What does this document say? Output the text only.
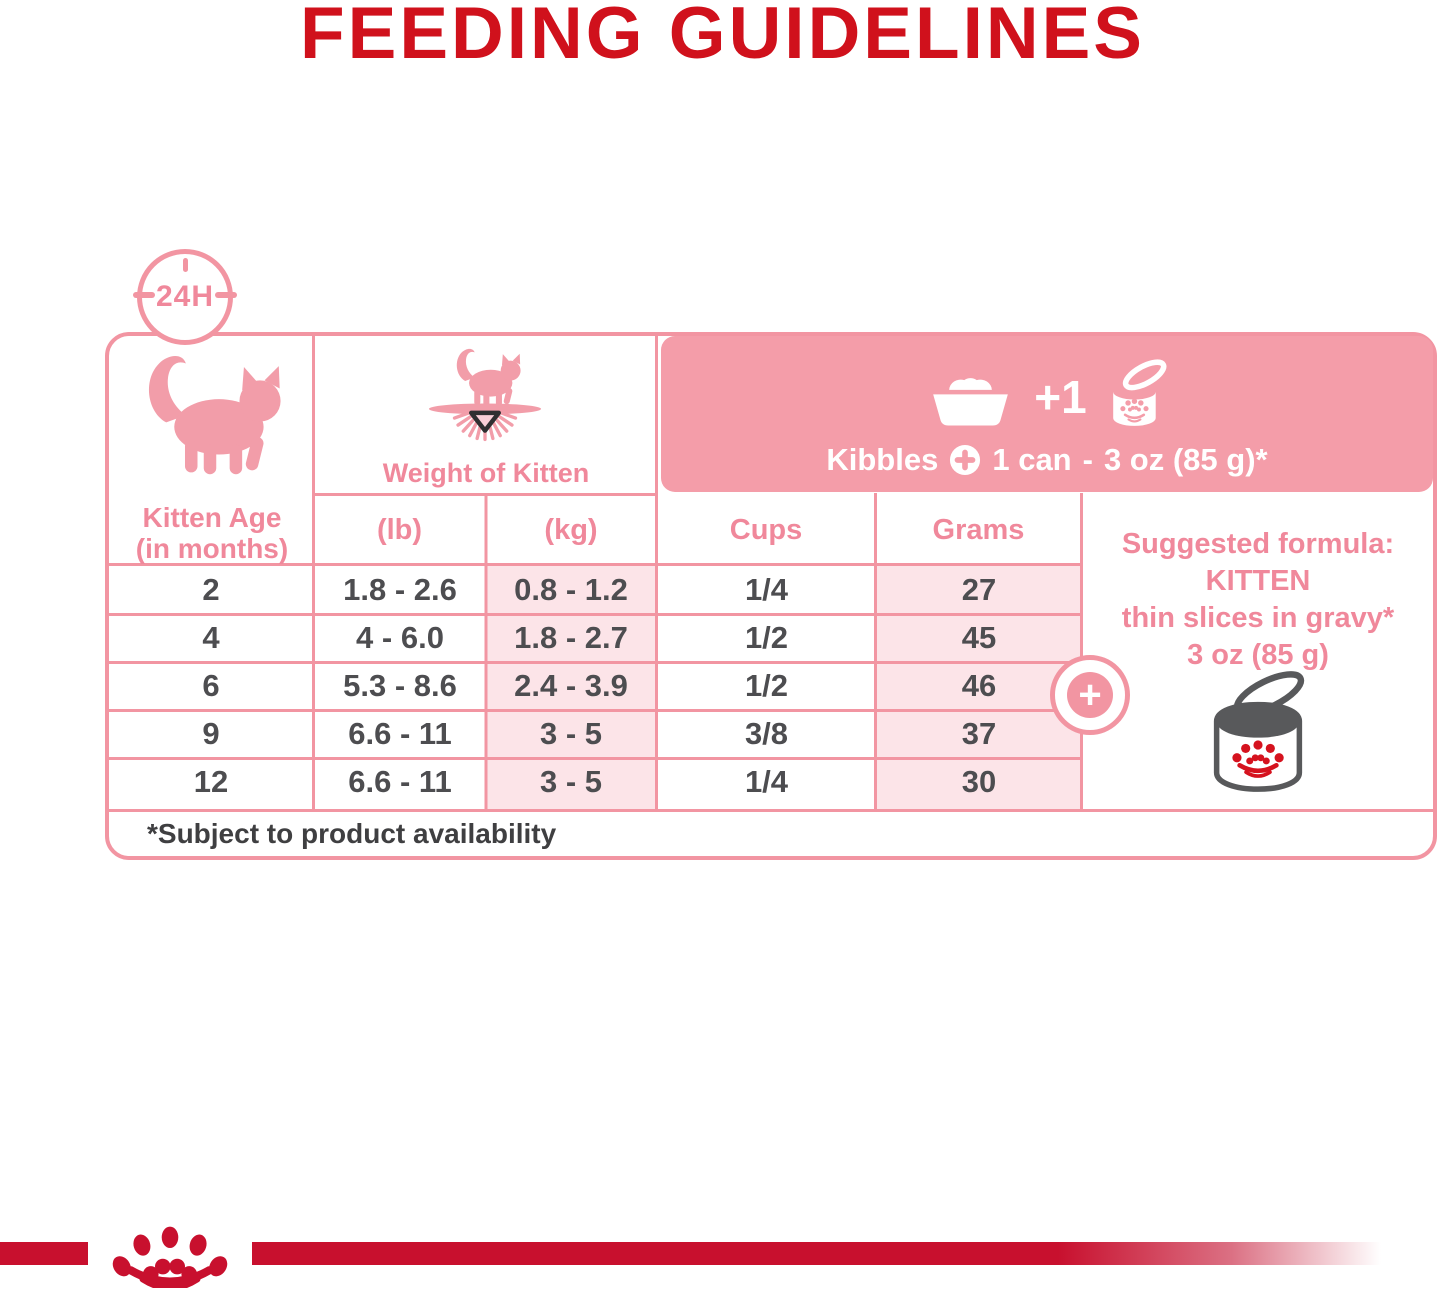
FEEDING GUIDELINES
24H
+1
Kibbles 1 can - 3 oz (85 g)*
Kitten Age
(in months)
Weight of Kitten
(lb)	(kg)	Cups	Grams
2	1.8 - 2.6	0.8 - 1.2	1/4	27
4	4 - 6.0	1.8 - 2.7	1/2	45
6	5.3 - 8.6	2.4 - 3.9	1/2	46
9	6.6 - 11	3 - 5	3/8	37
12	6.6 - 11	3 - 5	1/4	30
Suggested formula:
KITTEN
thin slices in gravy*
3 oz (85 g)
+
*Subject to product availability
